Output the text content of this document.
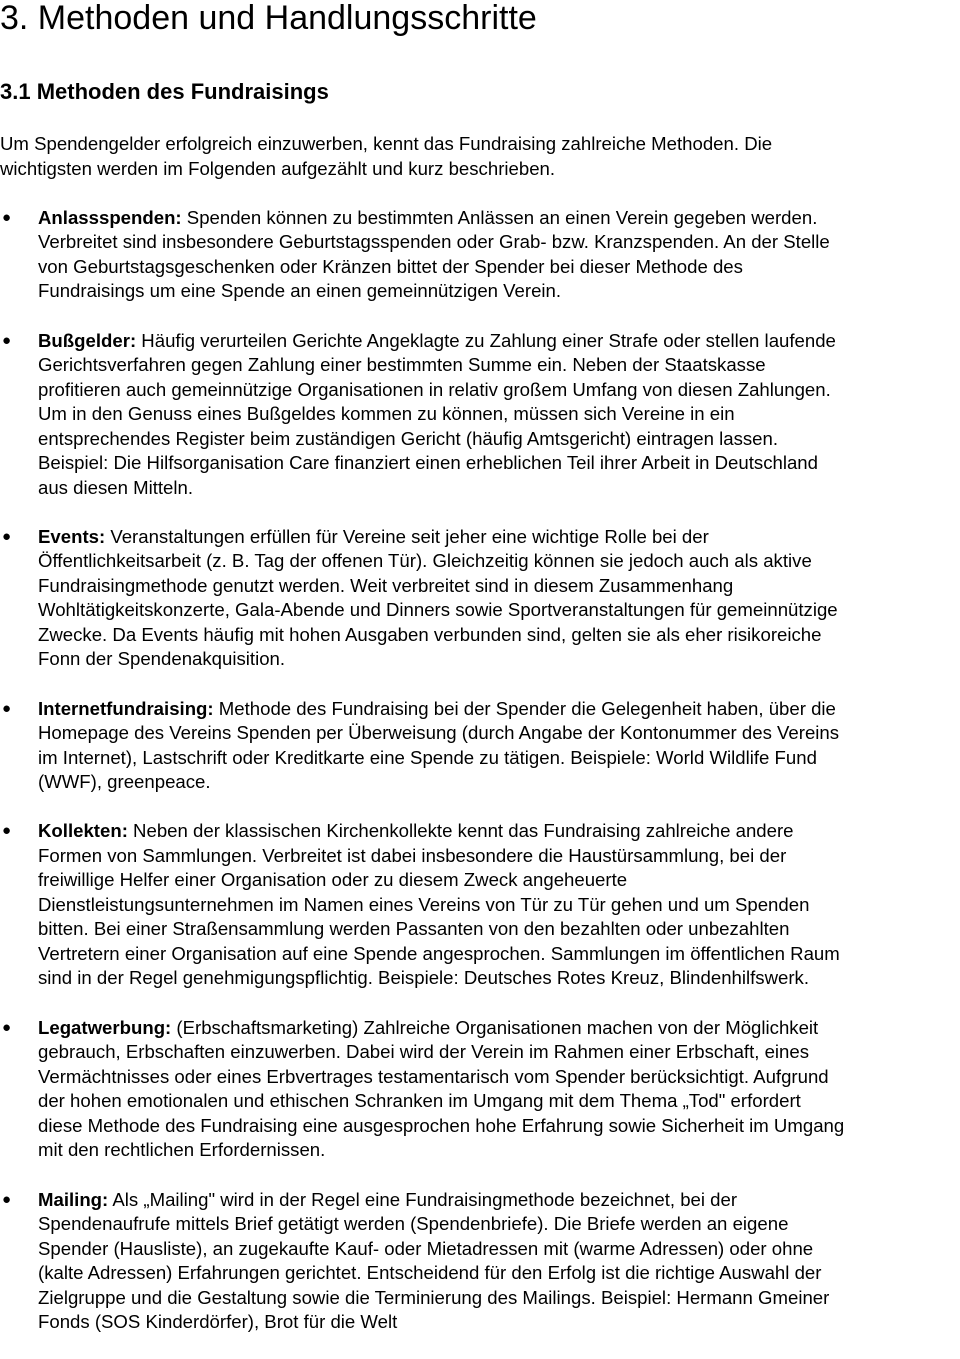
3. Methoden und Handlungsschritte
3.1 Methoden des Fundraisings
Um Spendengelder erfolgreich einzuwerben, kennt das Fundraising zahlreiche Methoden. Die
wichtigsten werden im Folgenden aufgezählt und kurz beschrieben.
● Anlassspenden: Spenden können zu bestimmten Anlässen an einen Verein gegeben werden.
Verbreitet sind insbesondere Geburtstagsspenden oder Grab- bzw. Kranzspenden. An der Stelle
von Geburtstagsgeschenken oder Kränzen bittet der Spender bei dieser Methode des
Fundraisings um eine Spende an einen gemeinnützigen Verein.
● Bußgelder: Häufig verurteilen Gerichte Angeklagte zu Zahlung einer Strafe oder stellen laufende
Gerichtsverfahren gegen Zahlung einer bestimmten Summe ein. Neben der Staatskasse
profitieren auch gemeinnützige Organisationen in relativ großem Umfang von diesen Zahlungen.
Um in den Genuss eines Bußgeldes kommen zu können, müssen sich Vereine in ein
entsprechendes Register beim zuständigen Gericht (häufig Amtsgericht) eintragen lassen.
Beispiel: Die Hilfsorganisation Care finanziert einen erheblichen Teil ihrer Arbeit in Deutschland
aus diesen Mitteln.
● Events: Veranstaltungen erfüllen für Vereine seit jeher eine wichtige Rolle bei der
Öffentlichkeitsarbeit (z. B. Tag der offenen Tür). Gleichzeitig können sie jedoch auch als aktive
Fundraisingmethode genutzt werden. Weit verbreitet sind in diesem Zusammenhang
Wohltätigkeitskonzerte, Gala-Abende und Dinners sowie Sportveranstaltungen für gemeinnützige
Zwecke. Da Events häufig mit hohen Ausgaben verbunden sind, gelten sie als eher risikoreiche
Fonn der Spendenakquisition.
● Internetfundraising: Methode des Fundraising bei der Spender die Gelegenheit haben, über die
Homepage des Vereins Spenden per Überweisung (durch Angabe der Kontonummer des Vereins
im Internet), Lastschrift oder Kreditkarte eine Spende zu tätigen. Beispiele: World Wildlife Fund
(WWF), greenpeace.
● Kollekten: Neben der klassischen Kirchenkollekte kennt das Fundraising zahlreiche andere
Formen von Sammlungen. Verbreitet ist dabei insbesondere die Haustürsammlung, bei der
freiwillige Helfer einer Organisation oder zu diesem Zweck angeheuerte
Dienstleistungsunternehmen im Namen eines Vereins von Tür zu Tür gehen und um Spenden
bitten. Bei einer Straßensammlung werden Passanten von den bezahlten oder unbezahlten
Vertretern einer Organisation auf eine Spende angesprochen. Sammlungen im öffentlichen Raum
sind in der Regel genehmigungspflichtig. Beispiele: Deutsches Rotes Kreuz, Blindenhilfswerk.
● Legatwerbung: (Erbschaftsmarketing) Zahlreiche Organisationen machen von der Möglichkeit
gebrauch, Erbschaften einzuwerben. Dabei wird der Verein im Rahmen einer Erbschaft, eines
Vermächtnisses oder eines Erbvertrages testamentarisch vom Spender berücksichtigt. Aufgrund
der hohen emotionalen und ethischen Schranken im Umgang mit dem Thema „Tod" erfordert
diese Methode des Fundraising eine ausgesprochen hohe Erfahrung sowie Sicherheit im Umgang
mit den rechtlichen Erfordernissen.
● Mailing: Als „Mailing" wird in der Regel eine Fundraisingmethode bezeichnet, bei der
Spendenaufrufe mittels Brief getätigt werden (Spendenbriefe). Die Briefe werden an eigene
Spender (Hausliste), an zugekaufte Kauf- oder Mietadressen mit (warme Adressen) oder ohne
(kalte Adressen) Erfahrungen gerichtet. Entscheidend für den Erfolg ist die richtige Auswahl der
Zielgruppe und die Gestaltung sowie die Terminierung des Mailings. Beispiel: Hermann Gmeiner
Fonds (SOS Kinderdörfer), Brot für die Welt
